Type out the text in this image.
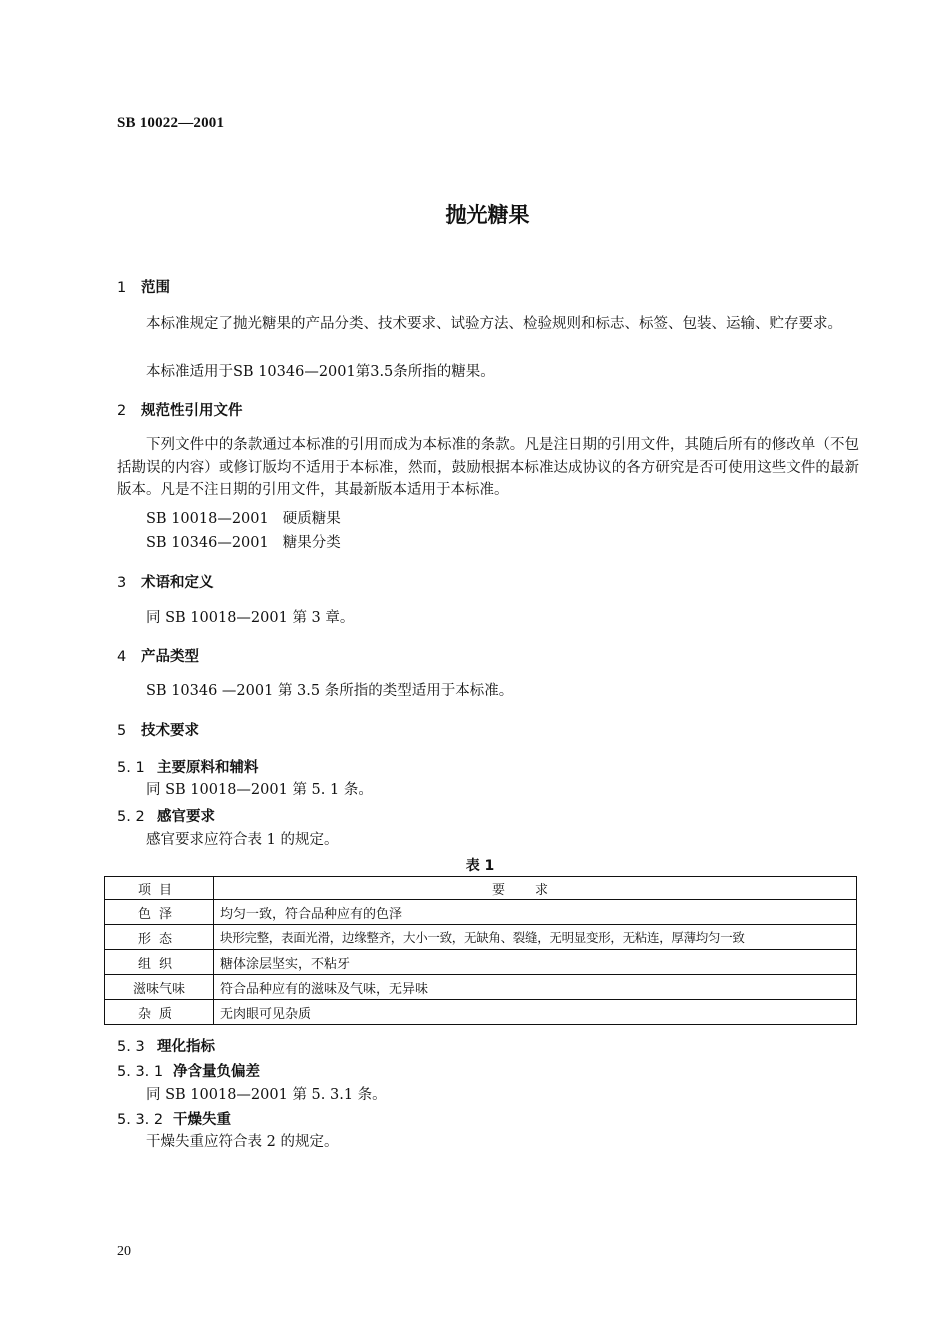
SB 10022—2001
抛光糖果
1 范围
本标准规定了抛光糖果的产品分类、技术要求、试验方法、检验规则和标志、标签、包装、运输、贮存要求。
本标准适用于SB 10346—2001第3.5条所指的糖果。
2 规范性引用文件
下列文件中的条款通过本标准的引用而成为本标准的条款。凡是注日期的引用文件，其随后所有的修改单（不包括勘误的内容）或修订版均不适用于本标准，然而，鼓励根据本标准达成协议的各方研究是否可使用这些文件的最新版本。凡是不注日期的引用文件，其最新版本适用于本标准。
SB 10018—2001 硬质糖果
SB 10346—2001 糖果分类
3 术语和定义
同 SB 10018—2001 第 3 章。
4 产品类型
SB 10346 —2001 第 3.5 条所指的类型适用于本标准。
5 技术要求
5. 1 主要原料和辅料
同 SB 10018—2001 第 5. 1 条。
5. 2 感官要求
感官要求应符合表 1 的规定。
表 1
项目	要求
色泽	均匀一致，符合品种应有的色泽
形态	块形完整，表面光滑，边缘整齐，大小一致，无缺角、裂缝，无明显变形，无粘连，厚薄均匀一致
组织	糖体涂层坚实，不粘牙
滋味气味	符合品种应有的滋味及气味，无异味
杂质	无肉眼可见杂质
5. 3 理化指标
5. 3. 1 净含量负偏差
同 SB 10018—2001 第 5. 3.1 条。
5. 3. 2 干燥失重
干燥失重应符合表 2 的规定。
20
